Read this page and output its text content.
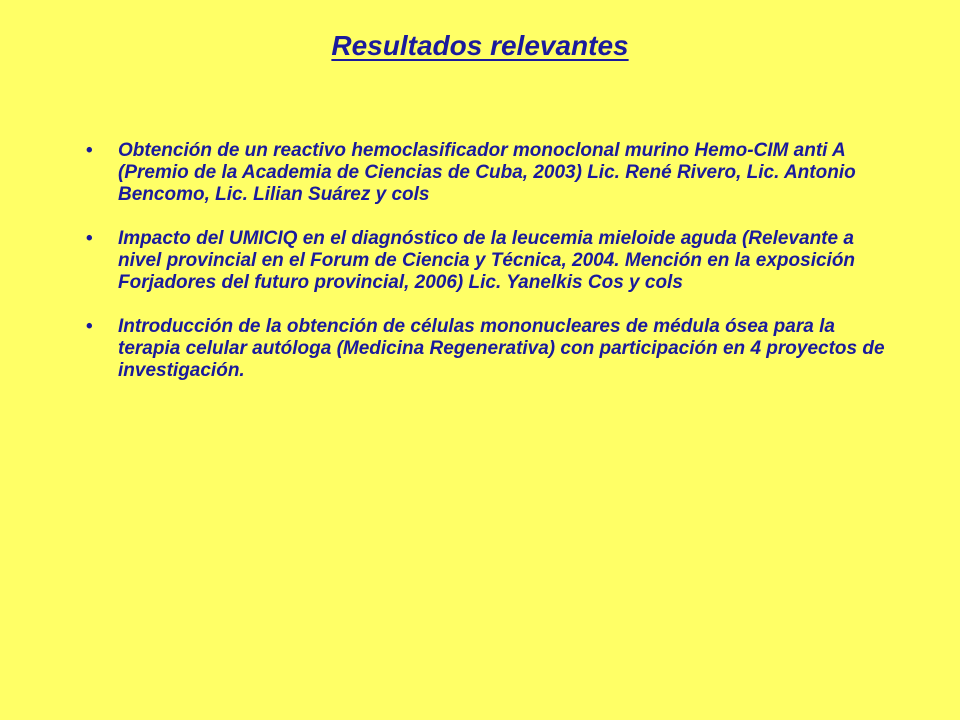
Resultados relevantes
• Obtención de un reactivo hemoclasificador monoclonal murino Hemo-CIM anti A (Premio de la Academia de Ciencias de Cuba, 2003) Lic. René Rivero, Lic. Antonio Bencomo, Lic. Lilian Suárez y cols
• Impacto del UMICIQ en el diagnóstico de la leucemia mieloide aguda (Relevante a nivel provincial en el Forum de Ciencia y Técnica, 2004. Mención en la exposición Forjadores del futuro provincial, 2006) Lic. Yanelkis Cos y cols
• Introducción de la obtención de células mononucleares de médula ósea para la terapia celular autóloga (Medicina Regenerativa) con participación en 4 proyectos de investigación.
